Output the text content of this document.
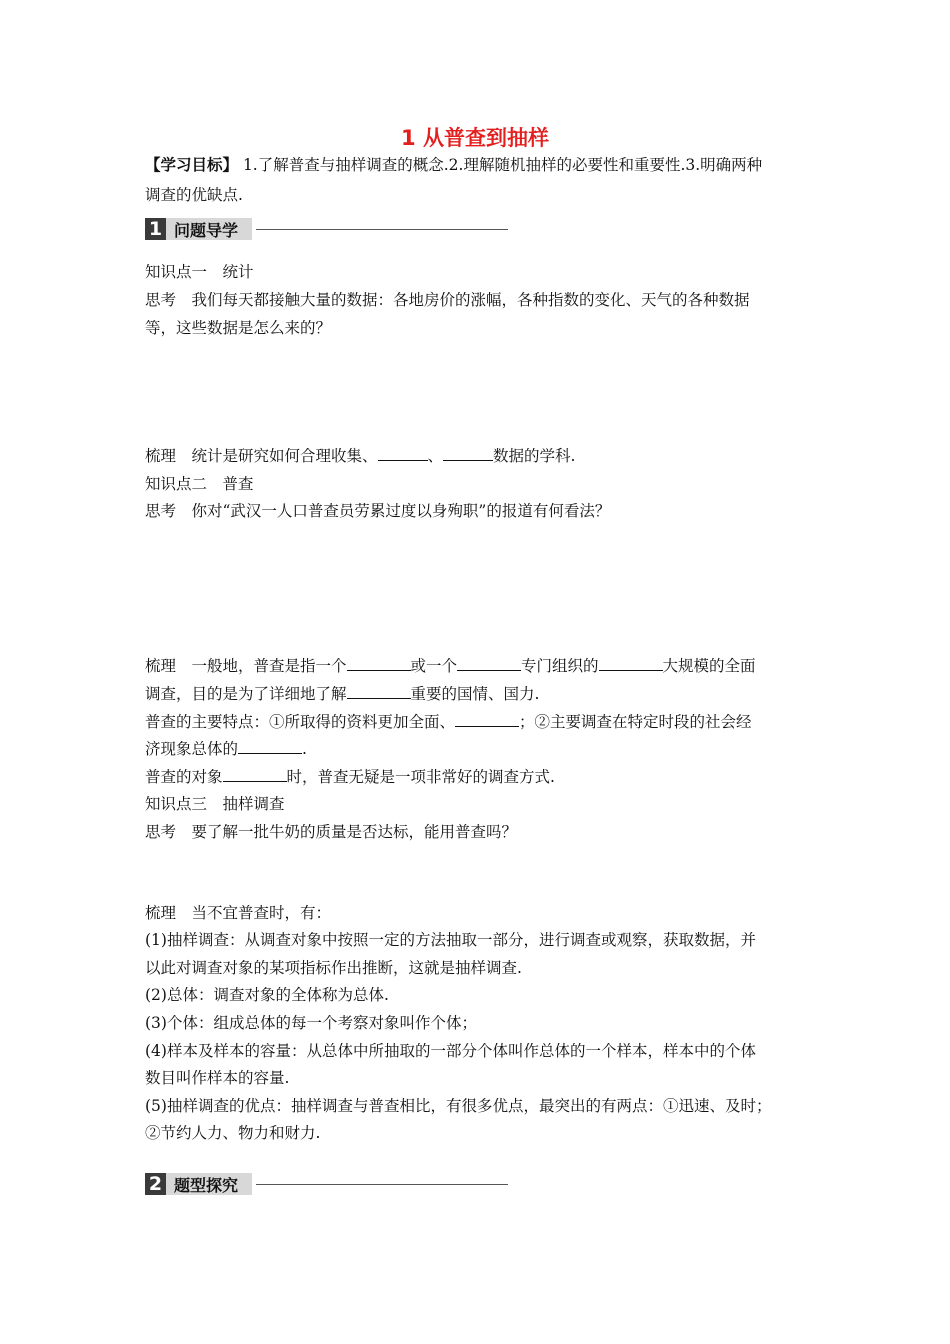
1 从普查到抽样
【学习目标】 1.了解普查与抽样调查的概念.2.理解随机抽样的必要性和重要性.3.明确两种
调查的优缺点.
1 问题导学
知识点一　统计
思考　我们每天都接触大量的数据：各地房价的涨幅，各种指数的变化、天气的各种数据
等，这些数据是怎么来的？
梳理　统计是研究如何合理收集、	、	数据的学科.
知识点二　普查
思考　你对“武汉一人口普查员劳累过度以身殉职”的报道有何看法？
梳理　一般地，普查是指一个	或一个	专门组织的	大规模的全面
调查，目的是为了详细地了解	重要的国情、国力.
普查的主要特点：①所取得的资料更加全面、	；②主要调查在特定时段的社会经
济现象总体的	.
普查的对象	时，普查无疑是一项非常好的调查方式.
知识点三　抽样调查
思考　要了解一批牛奶的质量是否达标，能用普查吗？
梳理　当不宜普查时，有：
(1)抽样调查：从调查对象中按照一定的方法抽取一部分，进行调查或观察，获取数据，并
以此对调查对象的某项指标作出推断，这就是抽样调查.
(2)总体：调查对象的全体称为总体.
(3)个体：组成总体的每一个考察对象叫作个体；
(4)样本及样本的容量：从总体中所抽取的一部分个体叫作总体的一个样本，样本中的个体
数目叫作样本的容量.
(5)抽样调查的优点：抽样调查与普查相比，有很多优点，最突出的有两点：①迅速、及时；
②节约人力、物力和财力.
2 题型探究
